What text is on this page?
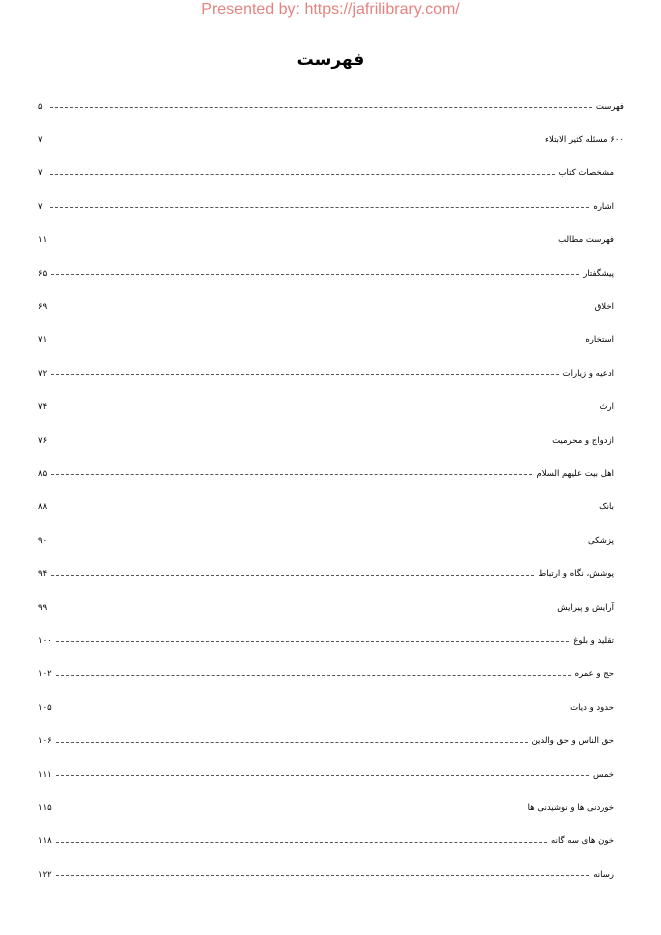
Presented by: https://jafrilibrary.com/
فهرست
فهرست
۵
۶۰۰ مسئله کثیر الابتلاء
۷
مشخصات کتاب
۷
اشاره
۷
فهرست مطالب
۱۱
پیشگفتار
۶۵
اخلاق
۶۹
استخاره
۷۱
ادعیه و زیارات
۷۲
ارث
۷۴
ازدواج و محرمیت
۷۶
اهل بیت علیهم السلام
۸۵
بانک
۸۸
پزشکی
۹۰
پوشش، نگاه و ارتباط
۹۴
آرایش و پیرایش
۹۹
تقلید و بلوغ
۱۰۰
حج و عمره
۱۰۲
حدود و دیات
۱۰۵
حق الناس و حق والدین
۱۰۶
خمس
۱۱۱
خوردنی ها و نوشیدنی ها
۱۱۵
خون های سه گانه
۱۱۸
رسانه
۱۲۲
